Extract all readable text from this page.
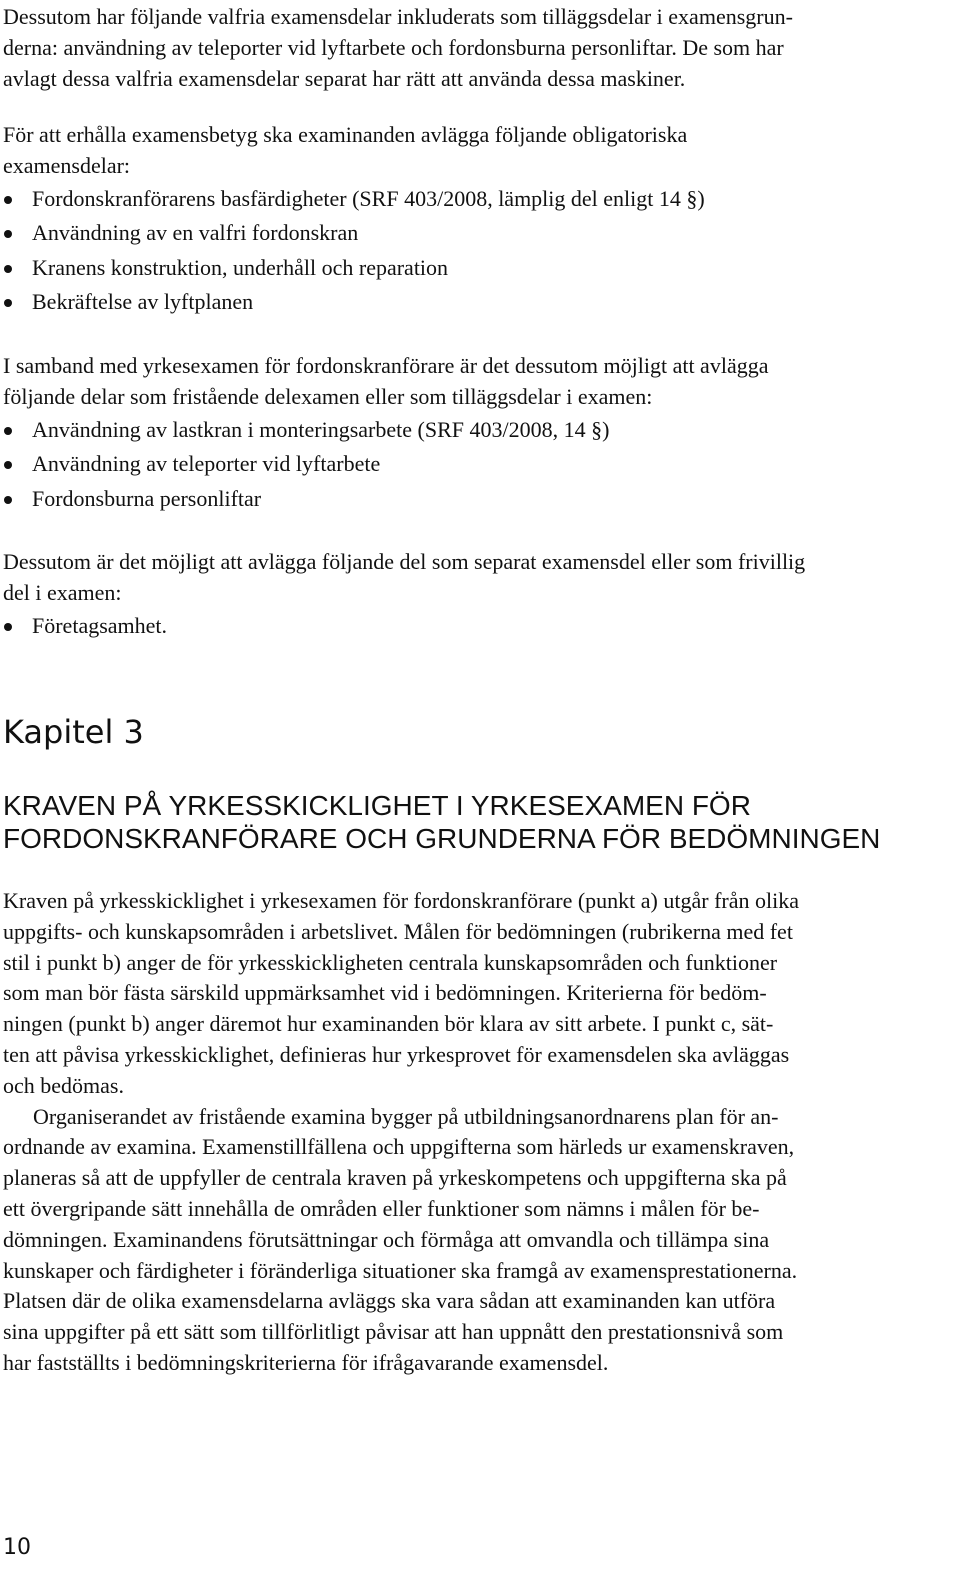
Dessutom har följande valfria examensdelar inkluderats som tilläggsdelar i examensgrun-
derna: användning av teleporter vid lyftarbete och fordonsburna personliftar. De som har
avlagt dessa valfria examensdelar separat har rätt att använda dessa maskiner.
För att erhålla examensbetyg ska examinanden avlägga följande obligatoriska
examensdelar:
Fordonskranförarens basfärdigheter (SRF 403/2008, lämplig del enligt 14 §)
Användning av en valfri fordonskran
Kranens konstruktion, underhåll och reparation
Bekräftelse av lyftplanen
I samband med yrkesexamen för fordonskranförare är det dessutom möjligt att avlägga
följande delar som fristående delexamen eller som tilläggsdelar i examen:
Användning av lastkran i monteringsarbete (SRF 403/2008, 14 §)
Användning av teleporter vid lyftarbete
Fordonsburna personliftar
Dessutom är det möjligt att avlägga följande del som separat examensdel eller som frivillig
del i examen:
Företagsamhet.
Kapitel 3
KRAVEN PÅ YRKESSKICKLIGHET I YRKESEXAMEN FÖR
FORDONSKRANFÖRARE OCH GRUNDERNA FÖR BEDÖMNINGEN

Kraven på yrkesskicklighet i yrkesexamen för fordonskranförare (punkt a) utgår från olika
uppgifts- och kunskapsområden i arbetslivet. Målen för bedömningen (rubrikerna med fet
stil i punkt b) anger de för yrkesskickligheten centrala kunskapsområden och funktioner
som man bör fästa särskild uppmärksamhet vid i bedömningen. Kriterierna för bedöm-
ningen (punkt b) anger däremot hur examinanden bör klara av sitt arbete. I punkt c, sät-
ten att påvisa yrkesskicklighet, definieras hur yrkesprovet för examensdelen ska avläggas
och bedömas.

Organiserandet av fristående examina bygger på utbildningsanordnarens plan för an-
ordnande av examina. Examenstillfällena och uppgifterna som härleds ur examenskraven,
planeras så att de uppfyller de centrala kraven på yrkeskompetens och uppgifterna ska på
ett övergripande sätt innehålla de områden eller funktioner som nämns i målen för be-
dömningen. Examinandens förutsättningar och förmåga att omvandla och tillämpa sina
kunskaper och färdigheter i föränderliga situationer ska framgå av examensprestationerna.
Platsen där de olika examensdelarna avläggs ska vara sådan att examinanden kan utföra
sina uppgifter på ett sätt som tillförlitligt påvisar att han uppnått den prestationsnivå som
har fastställts i bedömningskriterierna för ifrågavarande examensdel.

10
